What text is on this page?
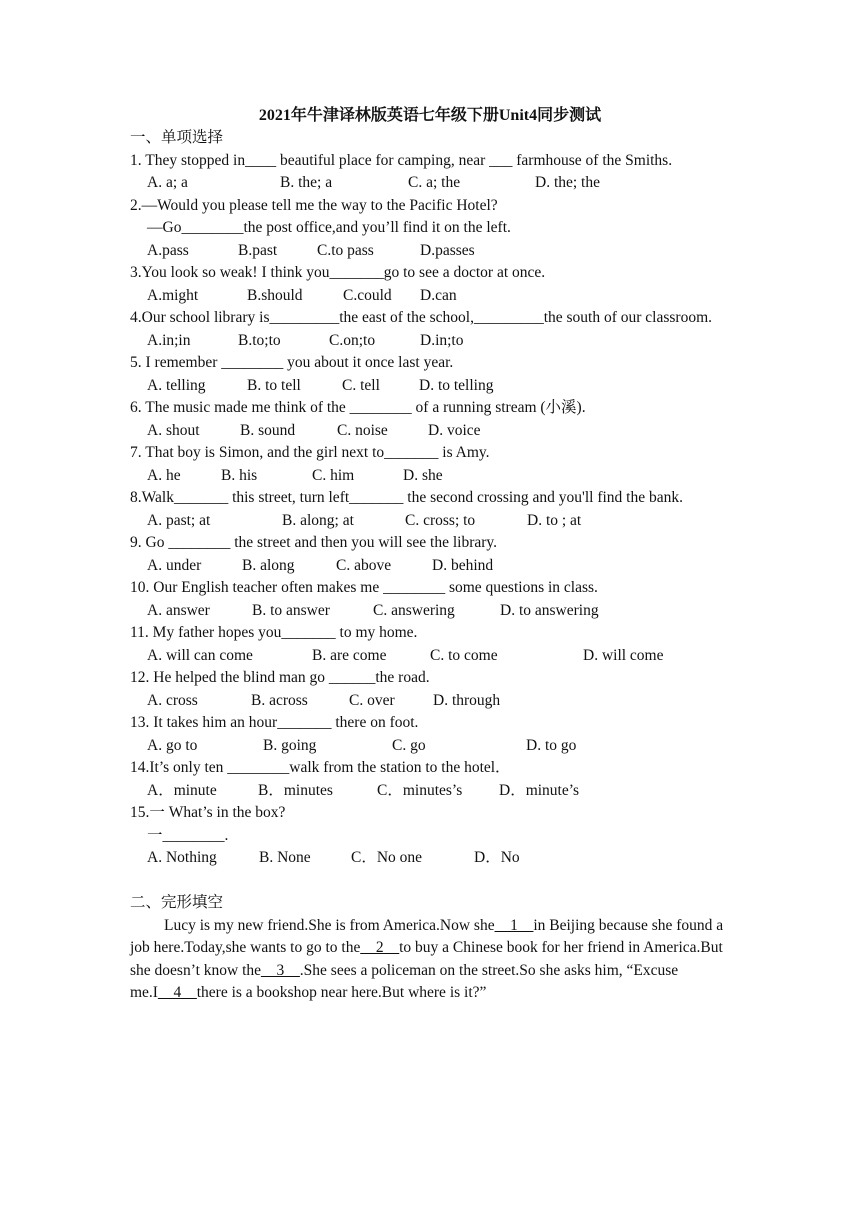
2021年牛津译林版英语七年级下册Unit4同步测试
一、单项选择
1. They stopped in____ beautiful place for camping, near ___ farmhouse of the Smiths.
A. a; a	B. the; a	C. a; the	D. the; the
2.—Would you please tell me the way to the Pacific Hotel?
—Go________the post office,and you’ll find it on the left.
A.pass	B.past	C.to pass	D.passes
3.You look so weak! I think you_______go to see a doctor at once.
A.might	B.should	C.could D.can
4.Our school library is_________the east of the school,_________the south of our classroom.
A.in;in	B.to;to	C.on;to	D.in;to
5. I remember ________ you about it once last year.
A. telling	B. to tell	C. tell	D. to telling
6. The music made me think of the ________ of a running stream (小溪).
A. shout	B. sound	C. noise	D. voice
7. That boy is Simon, and the girl next to_______ is Amy.
A. he	B. his	C. him	D. she
8.Walk_______ this street, turn left_______ the second crossing and you'll find the bank.
A. past; at	B. along; at	C. cross; to	D. to ; at
9. Go ________ the street and then you will see the library.
A. under	B. along	C. above	D. behind
10. Our English teacher often makes me ________ some questions in class.
A. answer	B. to answer	C. answering	D. to answering
11. My father hopes you_______ to my home.
A. will can come	B. are come	C. to come	D. will come
12. He helped the blind man go ______the road.
A. cross	B. across	C. over D. through
13. It takes him an hour_______ there on foot.
A. go to	B. going	C. go	D. to go
14.It’s only ten ________walk from the station to the hotel．
A．minute	B．minutes	C．minutes’s D．minute’s
15.一 What’s in the box?
一________.
A. Nothing	B. None	C．No one	D．No
二、完形填空
Lucy is my new friend.She is from America.Now she__1__in Beijing because she found a job here.Today,she wants to go to the__2__to buy a Chinese book for her friend in America.But she doesn’t know the__3__.She sees a policeman on the street.So she asks him, “Excuse me.I__4__there is a bookshop near here.But where is it?”
